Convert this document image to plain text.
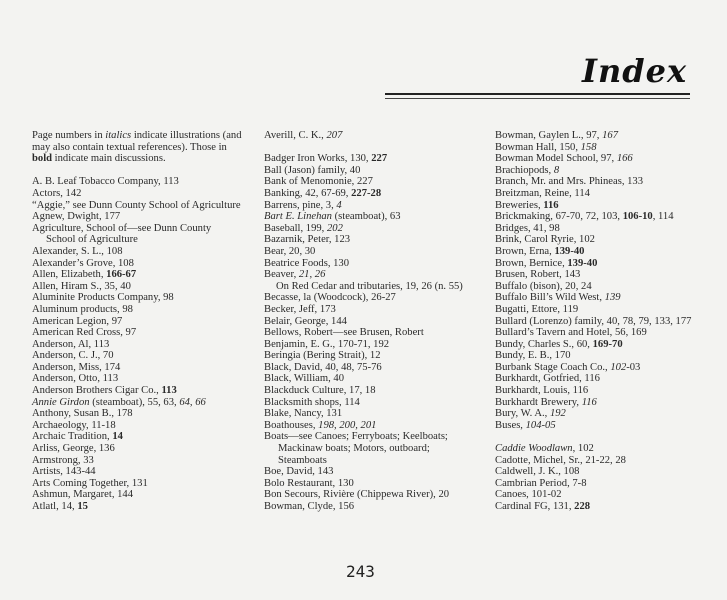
Index
Page numbers in italics indicate illustrations (and may also contain textual references). Those in bold indicate main discussions.
A. B. Leaf Tobacco Company, 113
Actors, 142
“Aggie,” see Dunn County School of Agriculture
Agnew, Dwight, 177
Agriculture, School of—see Dunn County School of Agriculture
Alexander, S. L., 108
Alexander’s Grove, 108
Allen, Elizabeth, 166-67
Allen, Hiram S., 35, 40
Aluminite Products Company, 98
Aluminum products, 98
American Legion, 97
American Red Cross, 97
Anderson, Al, 113
Anderson, C. J., 70
Anderson, Miss, 174
Anderson, Otto, 113
Anderson Brothers Cigar Co., 113
Annie Girdon (steamboat), 55, 63, 64, 66
Anthony, Susan B., 178
Archaeology, 11-18
Archaic Tradition, 14
Arliss, George, 136
Armstrong, 33
Artists, 143-44
Arts Coming Together, 131
Ashmun, Margaret, 144
Atlatl, 14, 15
Averill, C. K., 207
Badger Iron Works, 130, 227
Ball (Jason) family, 40
Bank of Menomonie, 227
Banking, 42, 67-69, 227-28
Barrens, pine, 3, 4
Bart E. Linehan (steamboat), 63
Baseball, 199, 202
Bazarnik, Peter, 123
Bear, 20, 30
Beatrice Foods, 130
Beaver, 21, 26
On Red Cedar and tributaries, 19, 26 (n. 55)
Becasse, la (Woodcock), 26-27
Becker, Jeff, 173
Belair, George, 144
Bellows, Robert—see Brusen, Robert
Benjamin, E. G., 170-71, 192
Beringia (Bering Strait), 12
Black, David, 40, 48, 75-76
Black, William, 40
Blackduck Culture, 17, 18
Blacksmith shops, 114
Blake, Nancy, 131
Boathouses, 198, 200, 201
Boats—see Canoes; Ferryboats; Keelboats; Mackinaw boats; Motors, outboard; Steamboats
Boe, David, 143
Bolo Restaurant, 130
Bon Secours, Rivière (Chippewa River), 20
Bowman, Clyde, 156
Bowman, Gaylen L., 97, 167
Bowman Hall, 150, 158
Bowman Model School, 97, 166
Brachiopods, 8
Branch, Mr. and Mrs. Phineas, 133
Breitzman, Reine, 114
Breweries, 116
Brickmaking, 67-70, 72, 103, 106-10, 114
Bridges, 41, 98
Brink, Carol Ryrie, 102
Brown, Erna, 139-40
Brown, Bernice, 139-40
Brusen, Robert, 143
Buffalo (bison), 20, 24
Buffalo Bill’s Wild West, 139
Bugatti, Ettore, 119
Bullard (Lorenzo) family, 40, 78, 79, 133, 177
Bullard’s Tavern and Hotel, 56, 169
Bundy, Charles S., 60, 169-70
Bundy, E. B., 170
Burbank Stage Coach Co., 102-03
Burkhardt, Gotfried, 116
Burkhardt, Louis, 116
Burkhardt Brewery, 116
Bury, W. A., 192
Buses, 104-05
Caddie Woodlawn, 102
Cadotte, Michel, Sr., 21-22, 28
Caldwell, J. K., 108
Cambrian Period, 7-8
Canoes, 101-02
Cardinal FG, 131, 228
243
